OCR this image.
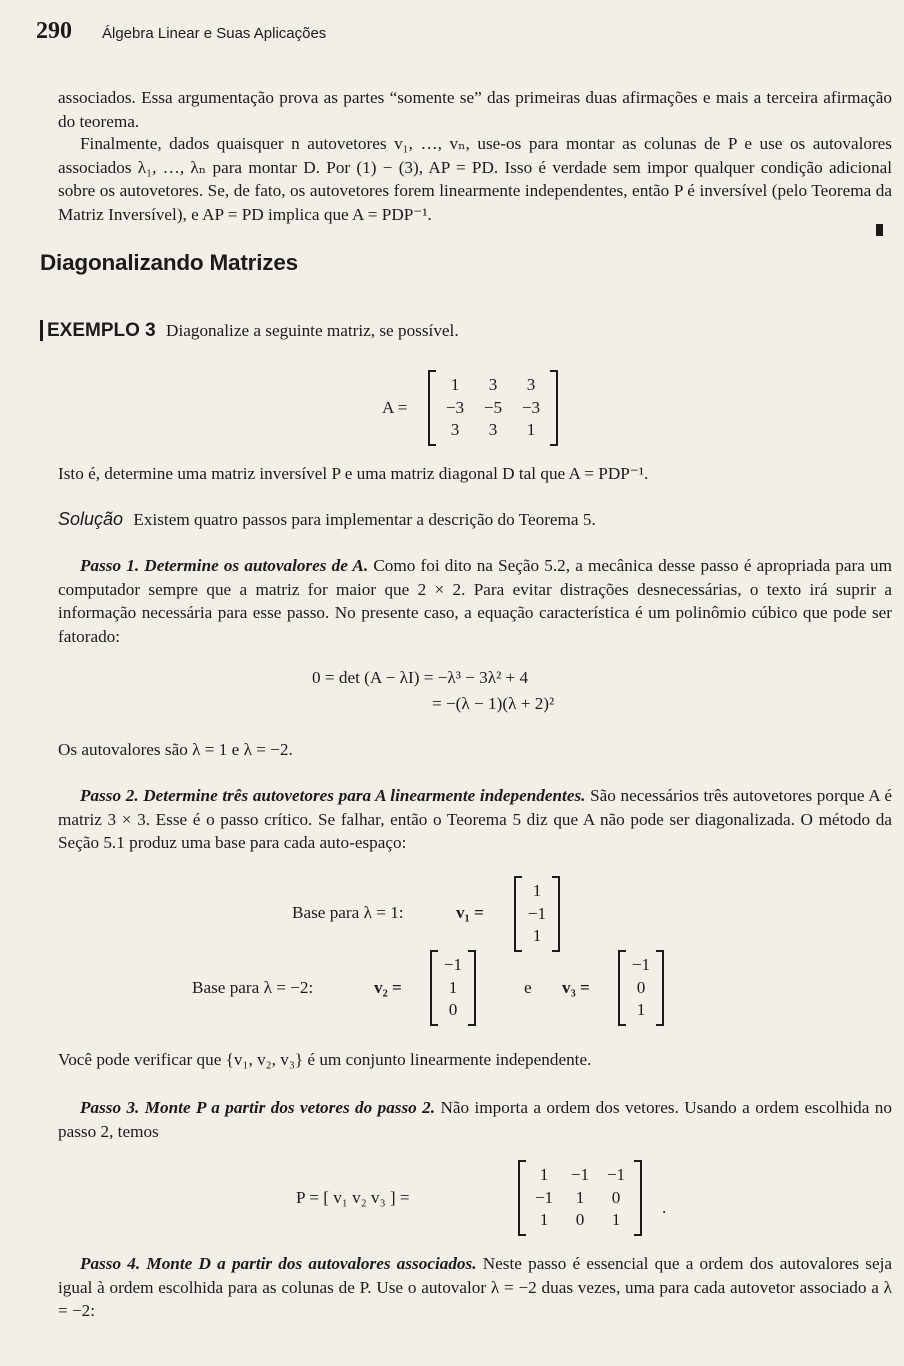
290 Álgebra Linear e Suas Aplicações

associados. Essa argumentação prova as partes “somente se” das primeiras duas afirmações e mais a terceira afirmação do teorema.

Finalmente, dados quaisquer n autovetores v₁, …, vₙ, use-os para montar as colunas de P e use os autovalores associados λ₁, …, λₙ para montar D. Por (1) − (3), AP = PD. Isso é verdade sem impor qualquer condição adicional sobre os autovetores. Se, de fato, os autovetores forem linearmente independentes, então P é inversível (pelo Teorema da Matriz Inversível), e AP = PD implica que A = PDP⁻¹.

Diagonalizando Matrizes
EXEMPLO 3 Diagonalize a seguinte matriz, se possível.
A =
1	3	3
−3	−5	−3
3	3	1

Isto é, determine uma matriz inversível P e uma matriz diagonal D tal que A = PDP⁻¹.

Solução Existem quatro passos para implementar a descrição do Teorema 5.

Passo 1. Determine os autovalores de A. Como foi dito na Seção 5.2, a mecânica desse passo é apropriada para um computador sempre que a matriz for maior que 2 × 2. Para evitar distrações desnecessárias, o texto irá suprir a informação necessária para esse passo. No presente caso, a equação característica é um polinômio cúbico que pode ser fatorado:

0 = det (A − λI) = −λ³ − 3λ² + 4
= −(λ − 1)(λ + 2)²

Os autovalores são λ = 1 e λ = −2.

Passo 2. Determine três autovetores para A linearmente independentes. São necessários três autovetores porque A é matriz 3 × 3. Esse é o passo crítico. Se falhar, então o Teorema 5 diz que A não pode ser diagonalizada. O método da Seção 5.1 produz uma base para cada auto-espaço:

Base para λ = 1:	v₁ =
1
−1
1
Base para λ = −2:	v₂ =
−1
1
0
e v₃ =
−1
0
1

Você pode verificar que {v₁, v₂, v₃} é um conjunto linearmente independente.

Passo 3. Monte P a partir dos vetores do passo 2. Não importa a ordem dos vetores. Usando a ordem escolhida no passo 2, temos

P = [ v₁ v₂ v₃ ] =
1	−1	−1
−1	1	0
1	0	1
.

Passo 4. Monte D a partir dos autovalores associados. Neste passo é essencial que a ordem dos autovalores seja igual à ordem escolhida para as colunas de P. Use o autovalor λ = −2 duas vezes, uma para cada autovetor associado a λ = −2:
